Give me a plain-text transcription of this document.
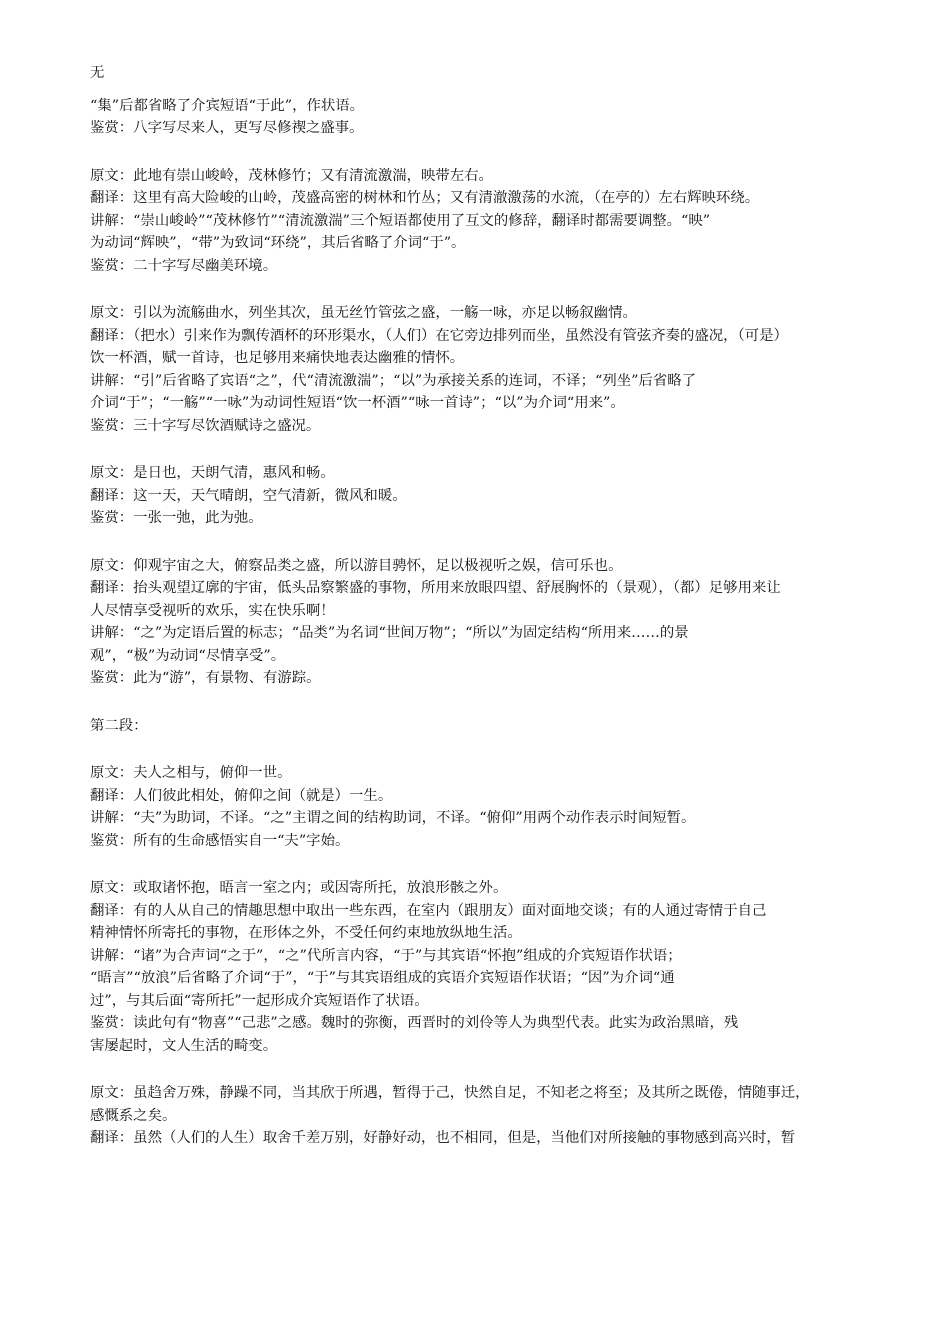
无
“集”后都省略了介宾短语“于此”，作状语。
鉴赏：八字写尽来人，更写尽修禊之盛事。
原文：此地有崇山峻岭，茂林修竹；又有清流激湍，映带左右。
翻译：这里有高大险峻的山岭，茂盛高密的树林和竹丛；又有清澈激荡的水流，（在亭的）左右辉映环绕。
讲解：“崇山峻岭”“茂林修竹”“清流激湍”三个短语都使用了互文的修辞，翻译时都需要调整。“映”
为动词“辉映”，“带”为致词“环绕”，其后省略了介词“于”。
鉴赏：二十字写尽幽美环境。
原文：引以为流觞曲水，列坐其次，虽无丝竹管弦之盛，一觞一咏，亦足以畅叙幽情。
翻译：（把水）引来作为飘传酒杯的环形渠水，（人们）在它旁边排列而坐，虽然没有管弦齐奏的盛况，（可是）
饮一杯酒，赋一首诗，也足够用来痛快地表达幽雅的情怀。
讲解：“引”后省略了宾语“之”，代“清流激湍”；“以”为承接关系的连词，不译；“列坐”后省略了
介词“于”；“一觞”“一咏”为动词性短语“饮一杯酒”“咏一首诗”；“以”为介词“用来”。
鉴赏：三十字写尽饮酒赋诗之盛况。
原文：是日也，天朗气清，惠风和畅。
翻译：这一天，天气晴朗，空气清新，微风和暖。
鉴赏：一张一弛，此为弛。
原文：仰观宇宙之大，俯察品类之盛，所以游目骋怀，足以极视听之娱，信可乐也。
翻译：抬头观望辽廓的宇宙，低头品察繁盛的事物，所用来放眼四望、舒展胸怀的（景观），（都）足够用来让
人尽情享受视听的欢乐，实在快乐啊！
讲解：“之”为定语后置的标志；“品类”为名词“世间万物”；“所以”为固定结构“所用来……的景
观”，“极”为动词“尽情享受”。
鉴赏：此为“游”，有景物、有游踪。
第二段：
原文：夫人之相与，俯仰一世。
翻译：人们彼此相处，俯仰之间（就是）一生。
讲解：“夫”为助词，不译。“之”主谓之间的结构助词，不译。“俯仰”用两个动作表示时间短暂。
鉴赏：所有的生命感悟实自一“夫”字始。
原文：或取诸怀抱，晤言一室之内；或因寄所托，放浪形骸之外。
翻译：有的人从自己的情趣思想中取出一些东西，在室内（跟朋友）面对面地交谈；有的人通过寄情于自己
精神情怀所寄托的事物，在形体之外，不受任何约束地放纵地生活。
讲解：“诸”为合声词“之于”，“之”代所言内容，“于”与其宾语“怀抱”组成的介宾短语作状语；
“晤言”“放浪”后省略了介词“于”，“于”与其宾语组成的宾语介宾短语作状语；“因”为介词“通
过”，与其后面“寄所托”一起形成介宾短语作了状语。
鉴赏：读此句有“物喜”“己悲”之感。魏时的弥衡，西晋时的刘伶等人为典型代表。此实为政治黑暗，残
害屡起时，文人生活的畸变。
原文：虽趋舍万殊，静躁不同，当其欣于所遇，暂得于己，快然自足，不知老之将至；及其所之既倦，情随事迁，
感慨系之矣。
翻译：虽然（人们的人生）取舍千差万别，好静好动，也不相同，但是，当他们对所接触的事物感到高兴时，暂
